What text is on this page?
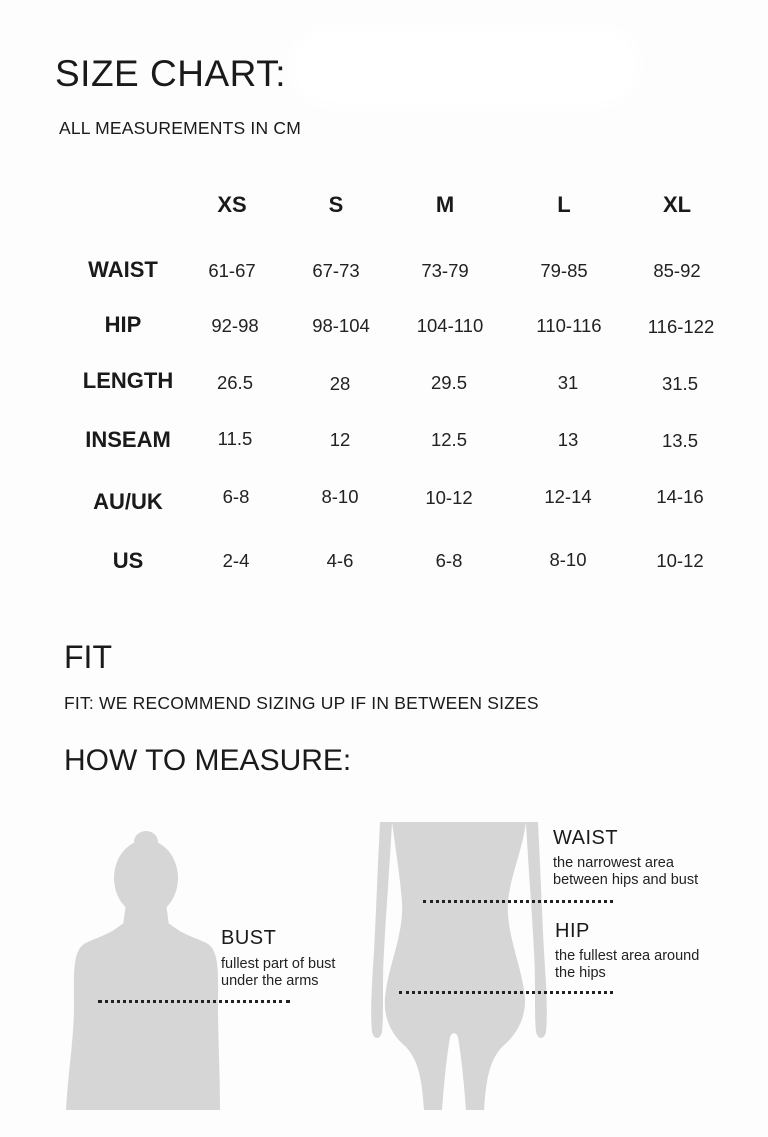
SIZE CHART:
ALL MEASUREMENTS IN CM
XS	S	M	L	XL
WAIST	61-67	67-73	73-79	79-85	85-92
HIP	92-98	98-104	104-110	110-116	116-122
LENGTH	26.5	28	29.5	31	31.5
INSEAM	11.5	12	12.5	13	13.5
AU/UK	6-8	8-10	10-12	12-14	14-16
US	2-4	4-6	6-8	8-10	10-12
FIT
FIT: WE RECOMMEND SIZING UP IF IN BETWEEN SIZES
HOW TO MEASURE:
BUST
fullest part of bust under the arms
WAIST
the narrowest area between hips and bust
HIP
the fullest area around the hips
